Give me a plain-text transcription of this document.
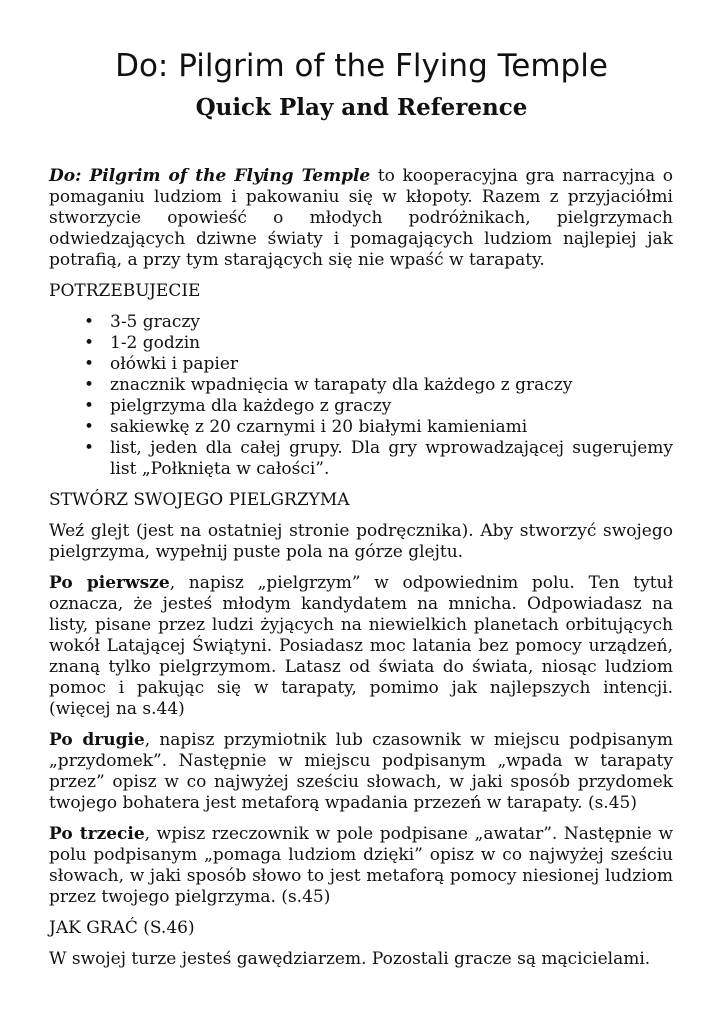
Do: Pilgrim of the Flying Temple
Quick Play and Reference

Do: Pilgrim of the Flying Temple to kooperacyjna gra narracyjna o pomaganiu ludziom i pakowaniu się w kłopoty. Razem z przyjaciółmi stworzycie opowieść o młodych podróżnikach, pielgrzymach odwiedzających dziwne światy i pomagających ludziom najlepiej jak potrafią, a przy tym starających się nie wpaść w tarapaty.

POTRZEBUJECIE
• 3-5 graczy
• 1-2 godzin
• ołówki i papier
• znacznik wpadnięcia w tarapaty dla każdego z graczy
• pielgrzyma dla każdego z graczy
• sakiewkę z 20 czarnymi i 20 białymi kamieniami
• list, jeden dla całej grupy. Dla gry wprowadzającej sugerujemy list „Połknięta w całości”.
STWÓRZ SWOJEGO PIELGRZYMA

Weź glejt (jest na ostatniej stronie podręcznika). Aby stworzyć swojego pielgrzyma, wypełnij puste pola na górze glejtu.

Po pierwsze, napisz „pielgrzym” w odpowiednim polu. Ten tytuł oznacza, że jesteś młodym kandydatem na mnicha. Odpowiadasz na listy, pisane przez ludzi żyjących na niewielkich planetach orbitujących wokół Latającej Świątyni. Posiadasz moc latania bez pomocy urządzeń, znaną tylko pielgrzymom. Latasz od świata do świata, niosąc ludziom pomoc i pakując się w tarapaty, pomimo jak najlepszych intencji. (więcej na s.44)

Po drugie, napisz przymiotnik lub czasownik w miejscu podpisanym „przydomek”. Następnie w miejscu podpisanym „wpada w tarapaty przez” opisz w co najwyżej sześciu słowach, w jaki sposób przydomek twojego bohatera jest metaforą wpadania przezeń w tarapaty. (s.45)

Po trzecie, wpisz rzeczownik w pole podpisane „awatar”. Następnie w polu podpisanym „pomaga ludziom dzięki” opisz w co najwyżej sześciu słowach, w jaki sposób słowo to jest metaforą pomocy niesionej ludziom przez twojego pielgrzyma. (s.45)

JAK GRAĆ (S.46)

W swojej turze jesteś gawędziarzem. Pozostali gracze są mącicielami.
